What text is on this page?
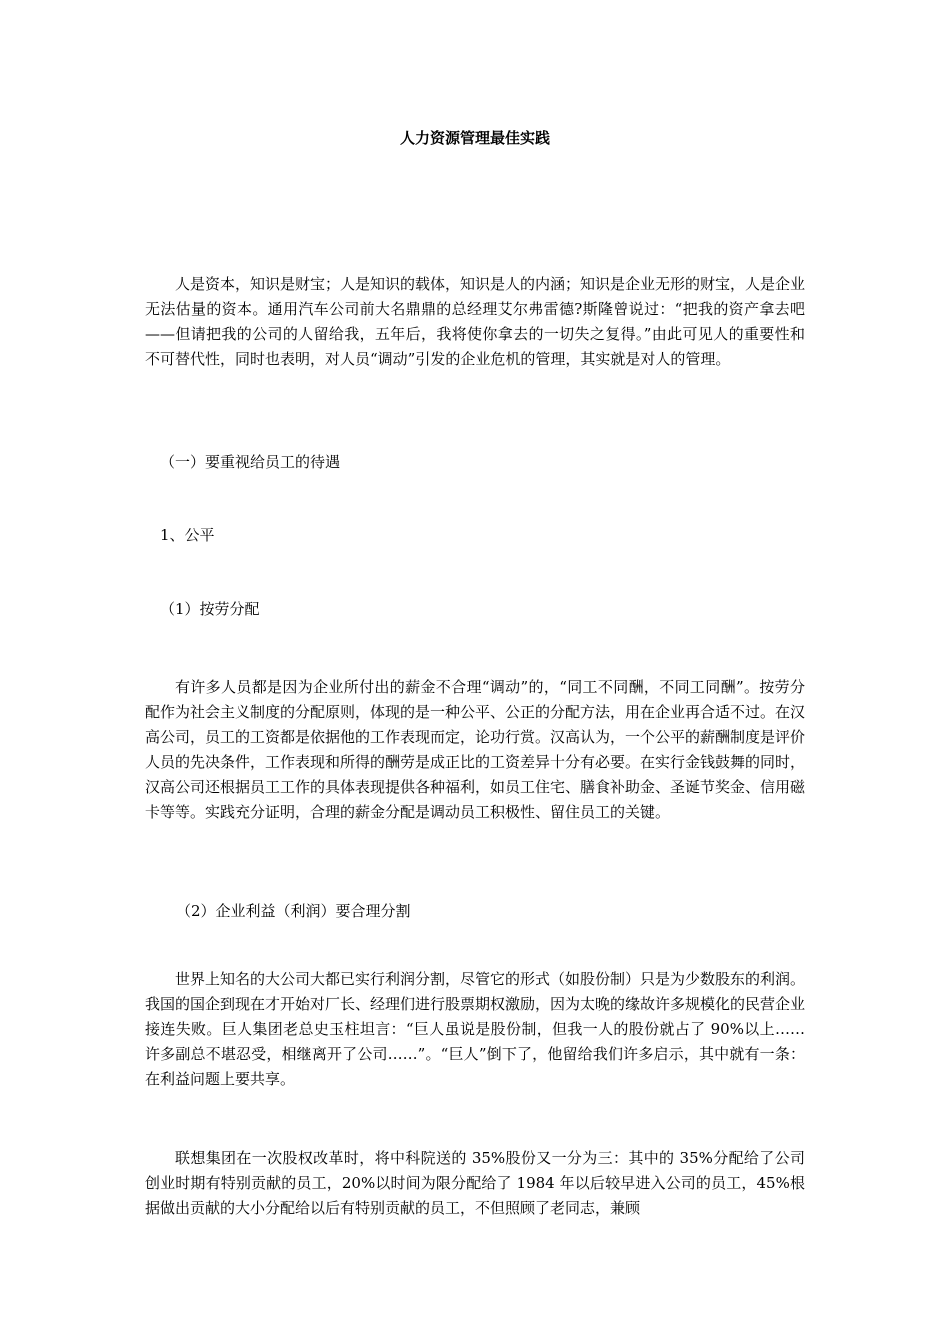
人力资源管理最佳实践

人是资本，知识是财宝；人是知识的载体，知识是人的内涵；知识是企业无形的财宝，人是企业无法估量的资本。通用汽车公司前大名鼎鼎的总经理艾尔弗雷德?斯隆曾说过：“把我的资产拿去吧——但请把我的公司的人留给我，五年后，我将使你拿去的一切失之复得。”由此可见人的重要性和不可替代性，同时也表明，对人员“调动”引发的企业危机的管理，其实就是对人的管理。

（一）要重视给员工的待遇

1、公平

（1）按劳分配

有许多人员都是因为企业所付出的薪金不合理“调动”的，“同工不同酬，不同工同酬”。按劳分配作为社会主义制度的分配原则，体现的是一种公平、公正的分配方法，用在企业再合适不过。在汉高公司，员工的工资都是依据他的工作表现而定，论功行赏。汉高认为，一个公平的薪酬制度是评价人员的先决条件，工作表现和所得的酬劳是成正比的工资差异十分有必要。在实行金钱鼓舞的同时，汉高公司还根据员工工作的具体表现提供各种福利，如员工住宅、膳食补助金、圣诞节奖金、信用磁卡等等。实践充分证明，合理的薪金分配是调动员工积极性、留住员工的关键。

（2）企业利益（利润）要合理分割

世界上知名的大公司大都已实行利润分割，尽管它的形式（如股份制）只是为少数股东的利润。我国的国企到现在才开始对厂长、经理们进行股票期权激励，因为太晚的缘故许多规模化的民营企业接连失败。巨人集团老总史玉柱坦言：“巨人虽说是股份制，但我一人的股份就占了 90%以上……许多副总不堪忍受，相继离开了公司……”。“巨人”倒下了，他留给我们许多启示，其中就有一条：在利益问题上要共享。

联想集团在一次股权改革时，将中科院送的 35%股份又一分为三：其中的 35%分配给了公司创业时期有特别贡献的员工，20%以时间为限分配给了 1984 年以后较早进入公司的员工，45%根据做出贡献的大小分配给以后有特别贡献的员工，不但照顾了老同志，兼顾
